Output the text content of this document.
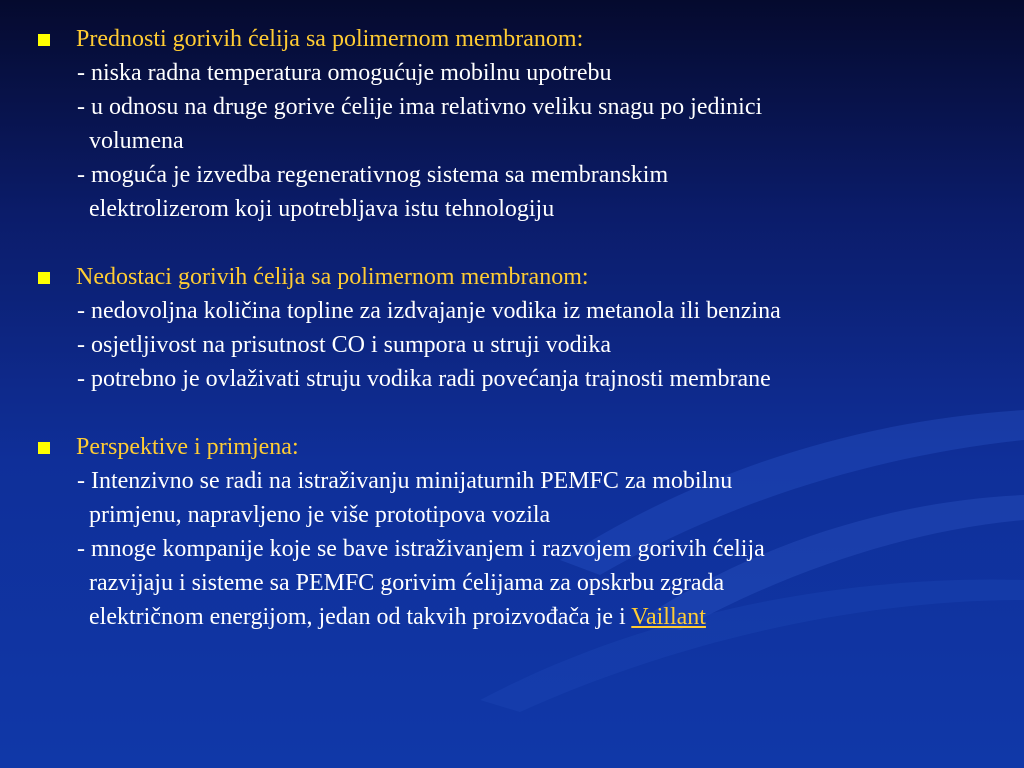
Prednosti gorivih ćelija sa polimernom membranom:
- niska radna temperatura omogućuje mobilnu upotrebu
- u odnosu na druge gorive ćelije ima relativno veliku snagu po jedinici
volumena
- moguća je izvedba regenerativnog sistema sa membranskim
elektrolizerom koji upotrebljava istu tehnologiju
Nedostaci gorivih ćelija sa polimernom membranom:
- nedovoljna količina topline za izdvajanje vodika iz metanola ili benzina
- osjetljivost na prisutnost CO i sumpora u struji vodika
- potrebno je ovlaživati struju vodika radi povećanja trajnosti membrane
Perspektive i primjena:
- Intenzivno se radi na istraživanju minijaturnih PEMFC za mobilnu
primjenu, napravljeno je više prototipova vozila
- mnoge kompanije koje se bave istraživanjem i razvojem gorivih ćelija
razvijaju i sisteme sa PEMFC gorivim ćelijama za opskrbu zgrada
električnom energijom, jedan od takvih proizvođača je i Vaillant
